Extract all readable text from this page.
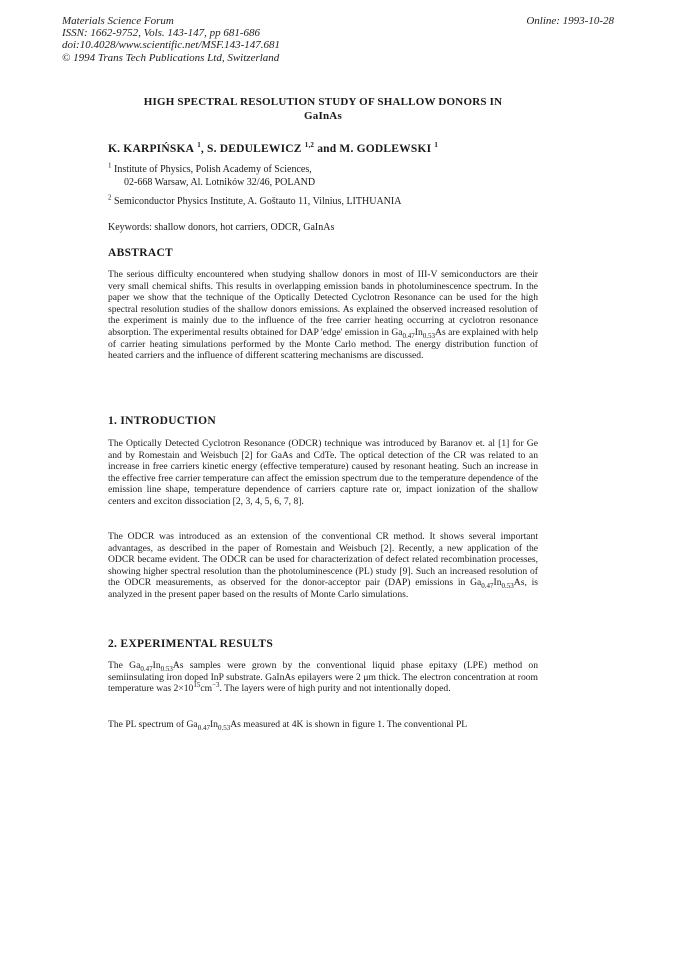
Materials Science Forum
ISSN: 1662-9752, Vols. 143-147, pp 681-686
doi:10.4028/www.scientific.net/MSF.143-147.681
© 1994 Trans Tech Publications Ltd, Switzerland
Online: 1993-10-28
HIGH SPECTRAL RESOLUTION STUDY OF SHALLOW DONORS IN
GaInAs
K. KARPIŃSKA $^1$, S. DEDULEWICZ $^{1,2}$ and M. GODLEWSKI $^1$
$^1$ Institute of Physics, Polish Academy of Sciences,
02-668 Warsaw, Al. Lotników 32/46, POLAND
$^2$ Semiconductor Physics Institute, A. Goštauto 11, Vilnius, LITHUANIA
Keywords: shallow donors, hot carriers, ODCR, GaInAs
ABSTRACT
The serious difficulty encountered when studying shallow donors in most of III-V semiconductors are their very small chemical shifts. This results in overlapping emission bands in photoluminescence spectrum. In the paper we show that the technique of the Optically Detected Cyclotron Resonance can be used for the high spectral resolution studies of the shallow donors emissions. As explained the observed increased resolution of the experiment is mainly due to the influence of the free carrier heating occurring at cyclotron resonance absorption. The experimental results obtained for DAP 'edge' emission in $Ga_{0.47}In_{0.53}As$ are explained with help of carrier heating simulations performed by the Monte Carlo method. The energy distribution function of heated carriers and the influence of different scattering mechanisms are discussed.
1. INTRODUCTION
The Optically Detected Cyclotron Resonance (ODCR) technique was introduced by Baranov et. al [1] for Ge and by Romestain and Weisbuch [2] for GaAs and CdTe. The optical detection of the CR was related to an increase in free carriers kinetic energy (effective temperature) caused by resonant heating. Such an increase in the effective free carrier temperature can affect the emission spectrum due to the temperature dependence of the emission line shape, temperature dependence of carriers capture rate or, impact ionization of the shallow centers and exciton dissociation [2, 3, 4, 5, 6, 7, 8].
The ODCR was introduced as an extension of the conventional CR method. It shows several important advantages, as described in the paper of Romestain and Weisbuch [2]. Recently, a new application of the ODCR became evident. The ODCR can be used for characterization of defect related recombination processes, showing higher spectral resolution than the photoluminescence (PL) study [9]. Such an increased resolution of the ODCR measurements, as observed for the donor-acceptor pair (DAP) emissions in $Ga_{0.47}In_{0.53}As$, is analyzed in the present paper based on the results of Monte Carlo simulations.
2. EXPERIMENTAL RESULTS
The $Ga_{0.47}In_{0.53}As$ samples were grown by the conventional liquid phase epitaxy (LPE) method on semiinsulating iron doped InP substrate. GaInAs epilayers were 2 μm thick. The electron concentration at room temperature was $2\times 10^{15}cm^{-3}$. The layers were of high purity and not intentionally doped.
The PL spectrum of $Ga_{0.47}In_{0.53}As$ measured at 4K is shown in figure 1. The conventional PL
